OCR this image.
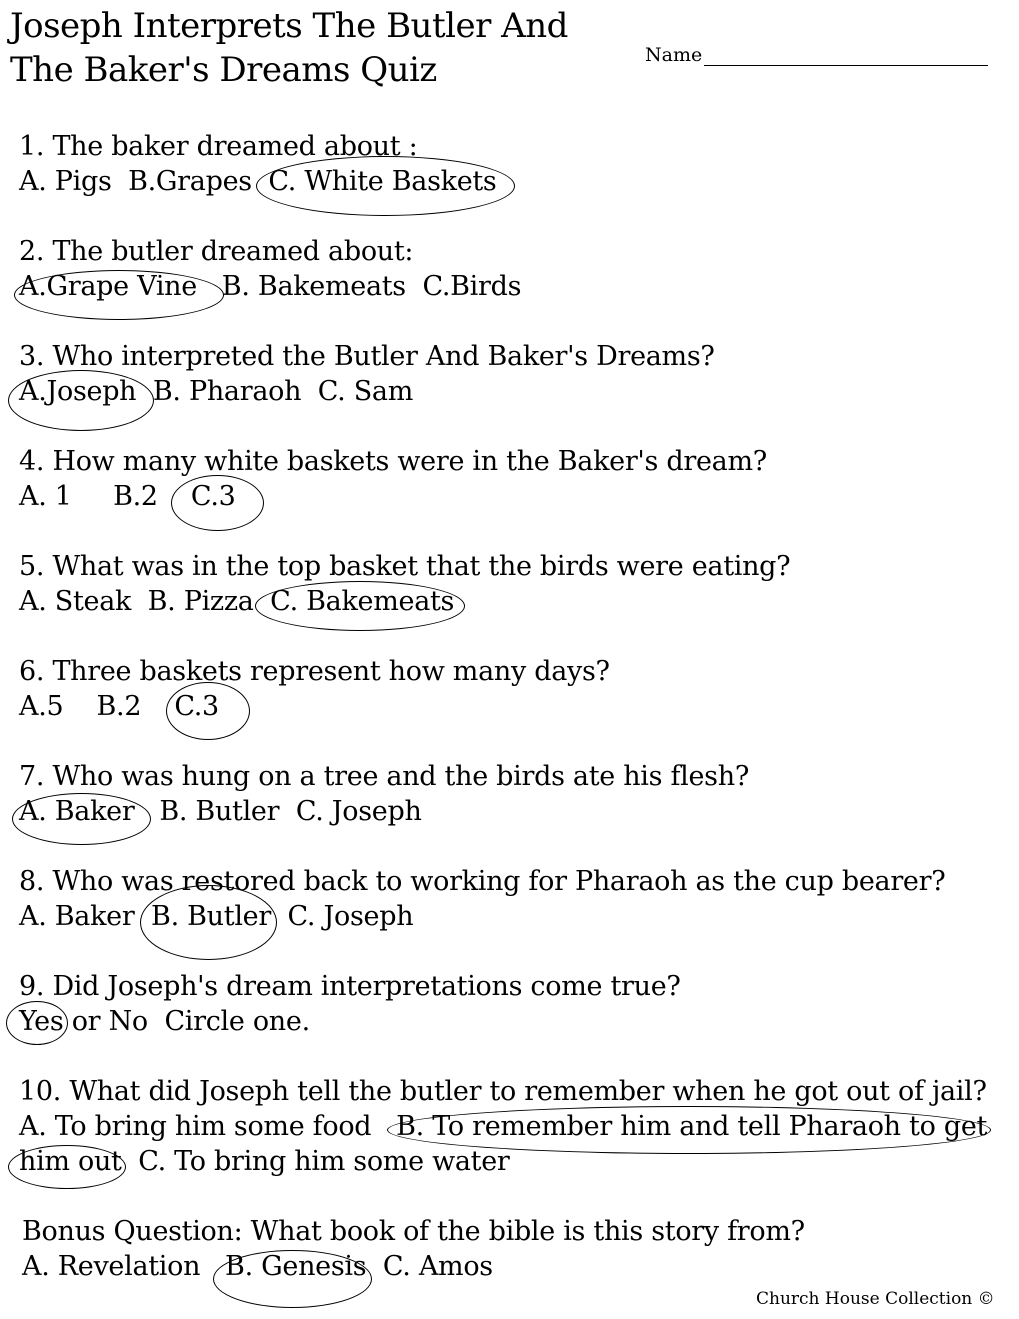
Joseph Interprets The Butler And
The Baker's Dreams Quiz	Name
1. The baker dreamed about :
A. Pigs B.Grapes C. White Baskets
2. The butler dreamed about:
A.Grape Vine B. Bakemeats C.Birds
3. Who interpreted the Butler And Baker's Dreams?
A.Joseph B. Pharaoh C. Sam
4. How many white baskets were in the Baker's dream?
A. 1 B.2 C.3
5. What was in the top basket that the birds were eating?
A. Steak B. Pizza C. Bakemeats
6. Three baskets represent how many days?
A.5 B.2 C.3
7. Who was hung on a tree and the birds ate his flesh?
A. Baker B. Butler C. Joseph
8. Who was restored back to working for Pharaoh as the cup bearer?
A. Baker B. Butler C. Joseph
9. Did Joseph's dream interpretations come true?
Yes or No Circle one.
10. What did Joseph tell the butler to remember when he got out of jail?
A. To bring him some food B. To remember him and tell Pharaoh to get
him out C. To bring him some water
Bonus Question: What book of the bible is this story from?
A. Revelation B. Genesis C. Amos
Church House Collection ©
